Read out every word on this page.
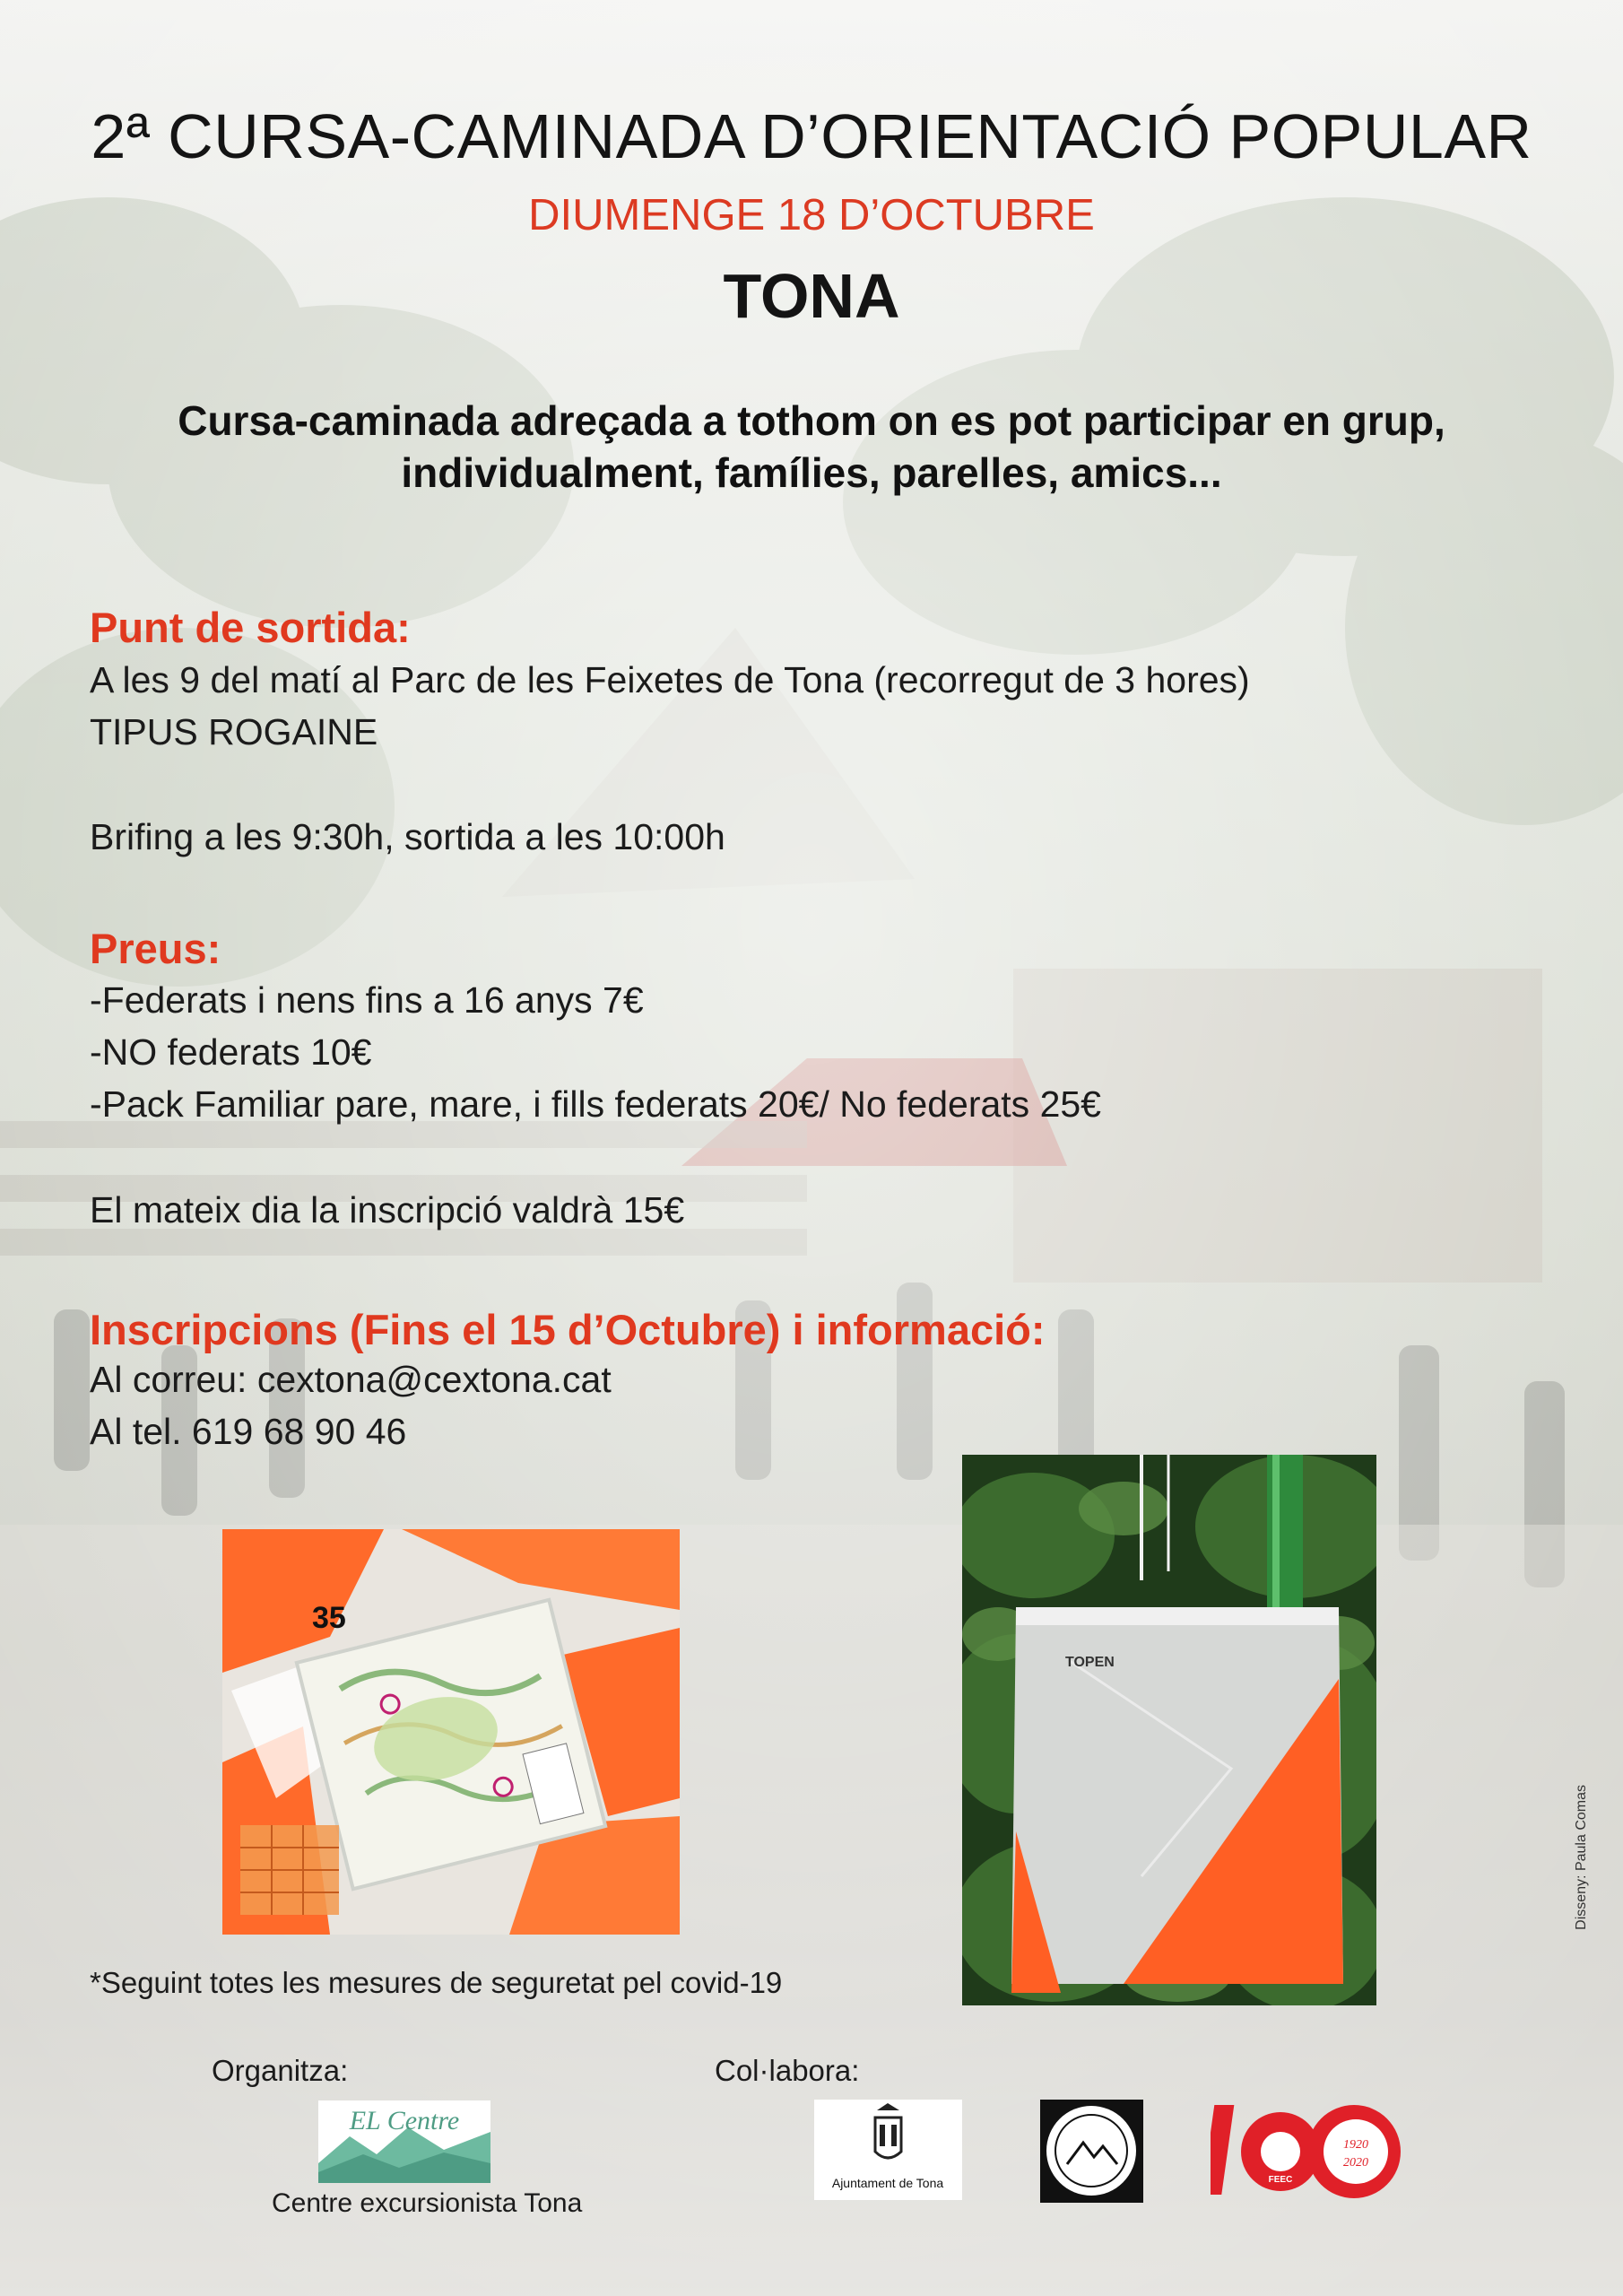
2ª CURSA-CAMINADA D’ORIENTACIÓ POPULAR
DIUMENGE 18 D’OCTUBRE
TONA
Cursa-caminada adreçada a tothom on es pot participar en grup,
individualment, famílies, parelles, amics...
Punt de sortida:
A les 9 del matí al Parc de les Feixetes de Tona (recorregut de 3 hores)
TIPUS ROGAINE
Brifing a les 9:30h, sortida a les 10:00h
Preus:
-Federats i nens fins a 16 anys 7€
-NO federats 10€
-Pack Familiar pare, mare, i fills federats 20€/ No federats 25€
El mateix dia la inscripció valdrà 15€
Inscripcions (Fins el 15 d’Octubre) i informació:
Al correu: cextona@cextona.cat
Al tel. 619 68 90 46
35
TOPEN
*Seguint totes les mesures de seguretat pel covid-19
Disseny: Paula Comas
Organitza:
EL Centre
Centre excursionista Tona
Col·labora:
Ajuntament de Tona
1920
2020
FEEC
